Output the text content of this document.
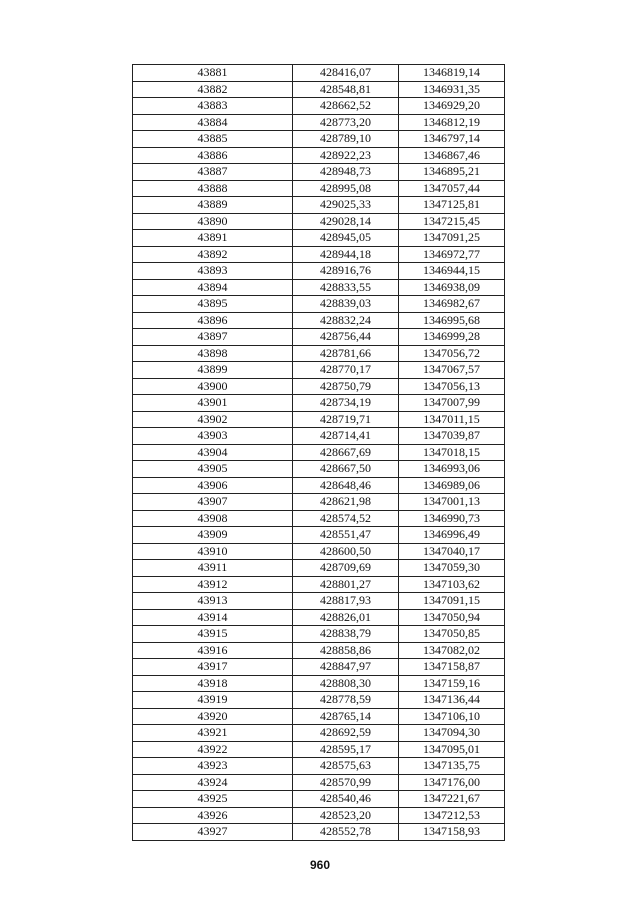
43881	428416,07	1346819,14
43882	428548,81	1346931,35
43883	428662,52	1346929,20
43884	428773,20	1346812,19
43885	428789,10	1346797,14
43886	428922,23	1346867,46
43887	428948,73	1346895,21
43888	428995,08	1347057,44
43889	429025,33	1347125,81
43890	429028,14	1347215,45
43891	428945,05	1347091,25
43892	428944,18	1346972,77
43893	428916,76	1346944,15
43894	428833,55	1346938,09
43895	428839,03	1346982,67
43896	428832,24	1346995,68
43897	428756,44	1346999,28
43898	428781,66	1347056,72
43899	428770,17	1347067,57
43900	428750,79	1347056,13
43901	428734,19	1347007,99
43902	428719,71	1347011,15
43903	428714,41	1347039,87
43904	428667,69	1347018,15
43905	428667,50	1346993,06
43906	428648,46	1346989,06
43907	428621,98	1347001,13
43908	428574,52	1346990,73
43909	428551,47	1346996,49
43910	428600,50	1347040,17
43911	428709,69	1347059,30
43912	428801,27	1347103,62
43913	428817,93	1347091,15
43914	428826,01	1347050,94
43915	428838,79	1347050,85
43916	428858,86	1347082,02
43917	428847,97	1347158,87
43918	428808,30	1347159,16
43919	428778,59	1347136,44
43920	428765,14	1347106,10
43921	428692,59	1347094,30
43922	428595,17	1347095,01
43923	428575,63	1347135,75
43924	428570,99	1347176,00
43925	428540,46	1347221,67
43926	428523,20	1347212,53
43927	428552,78	1347158,93
960
